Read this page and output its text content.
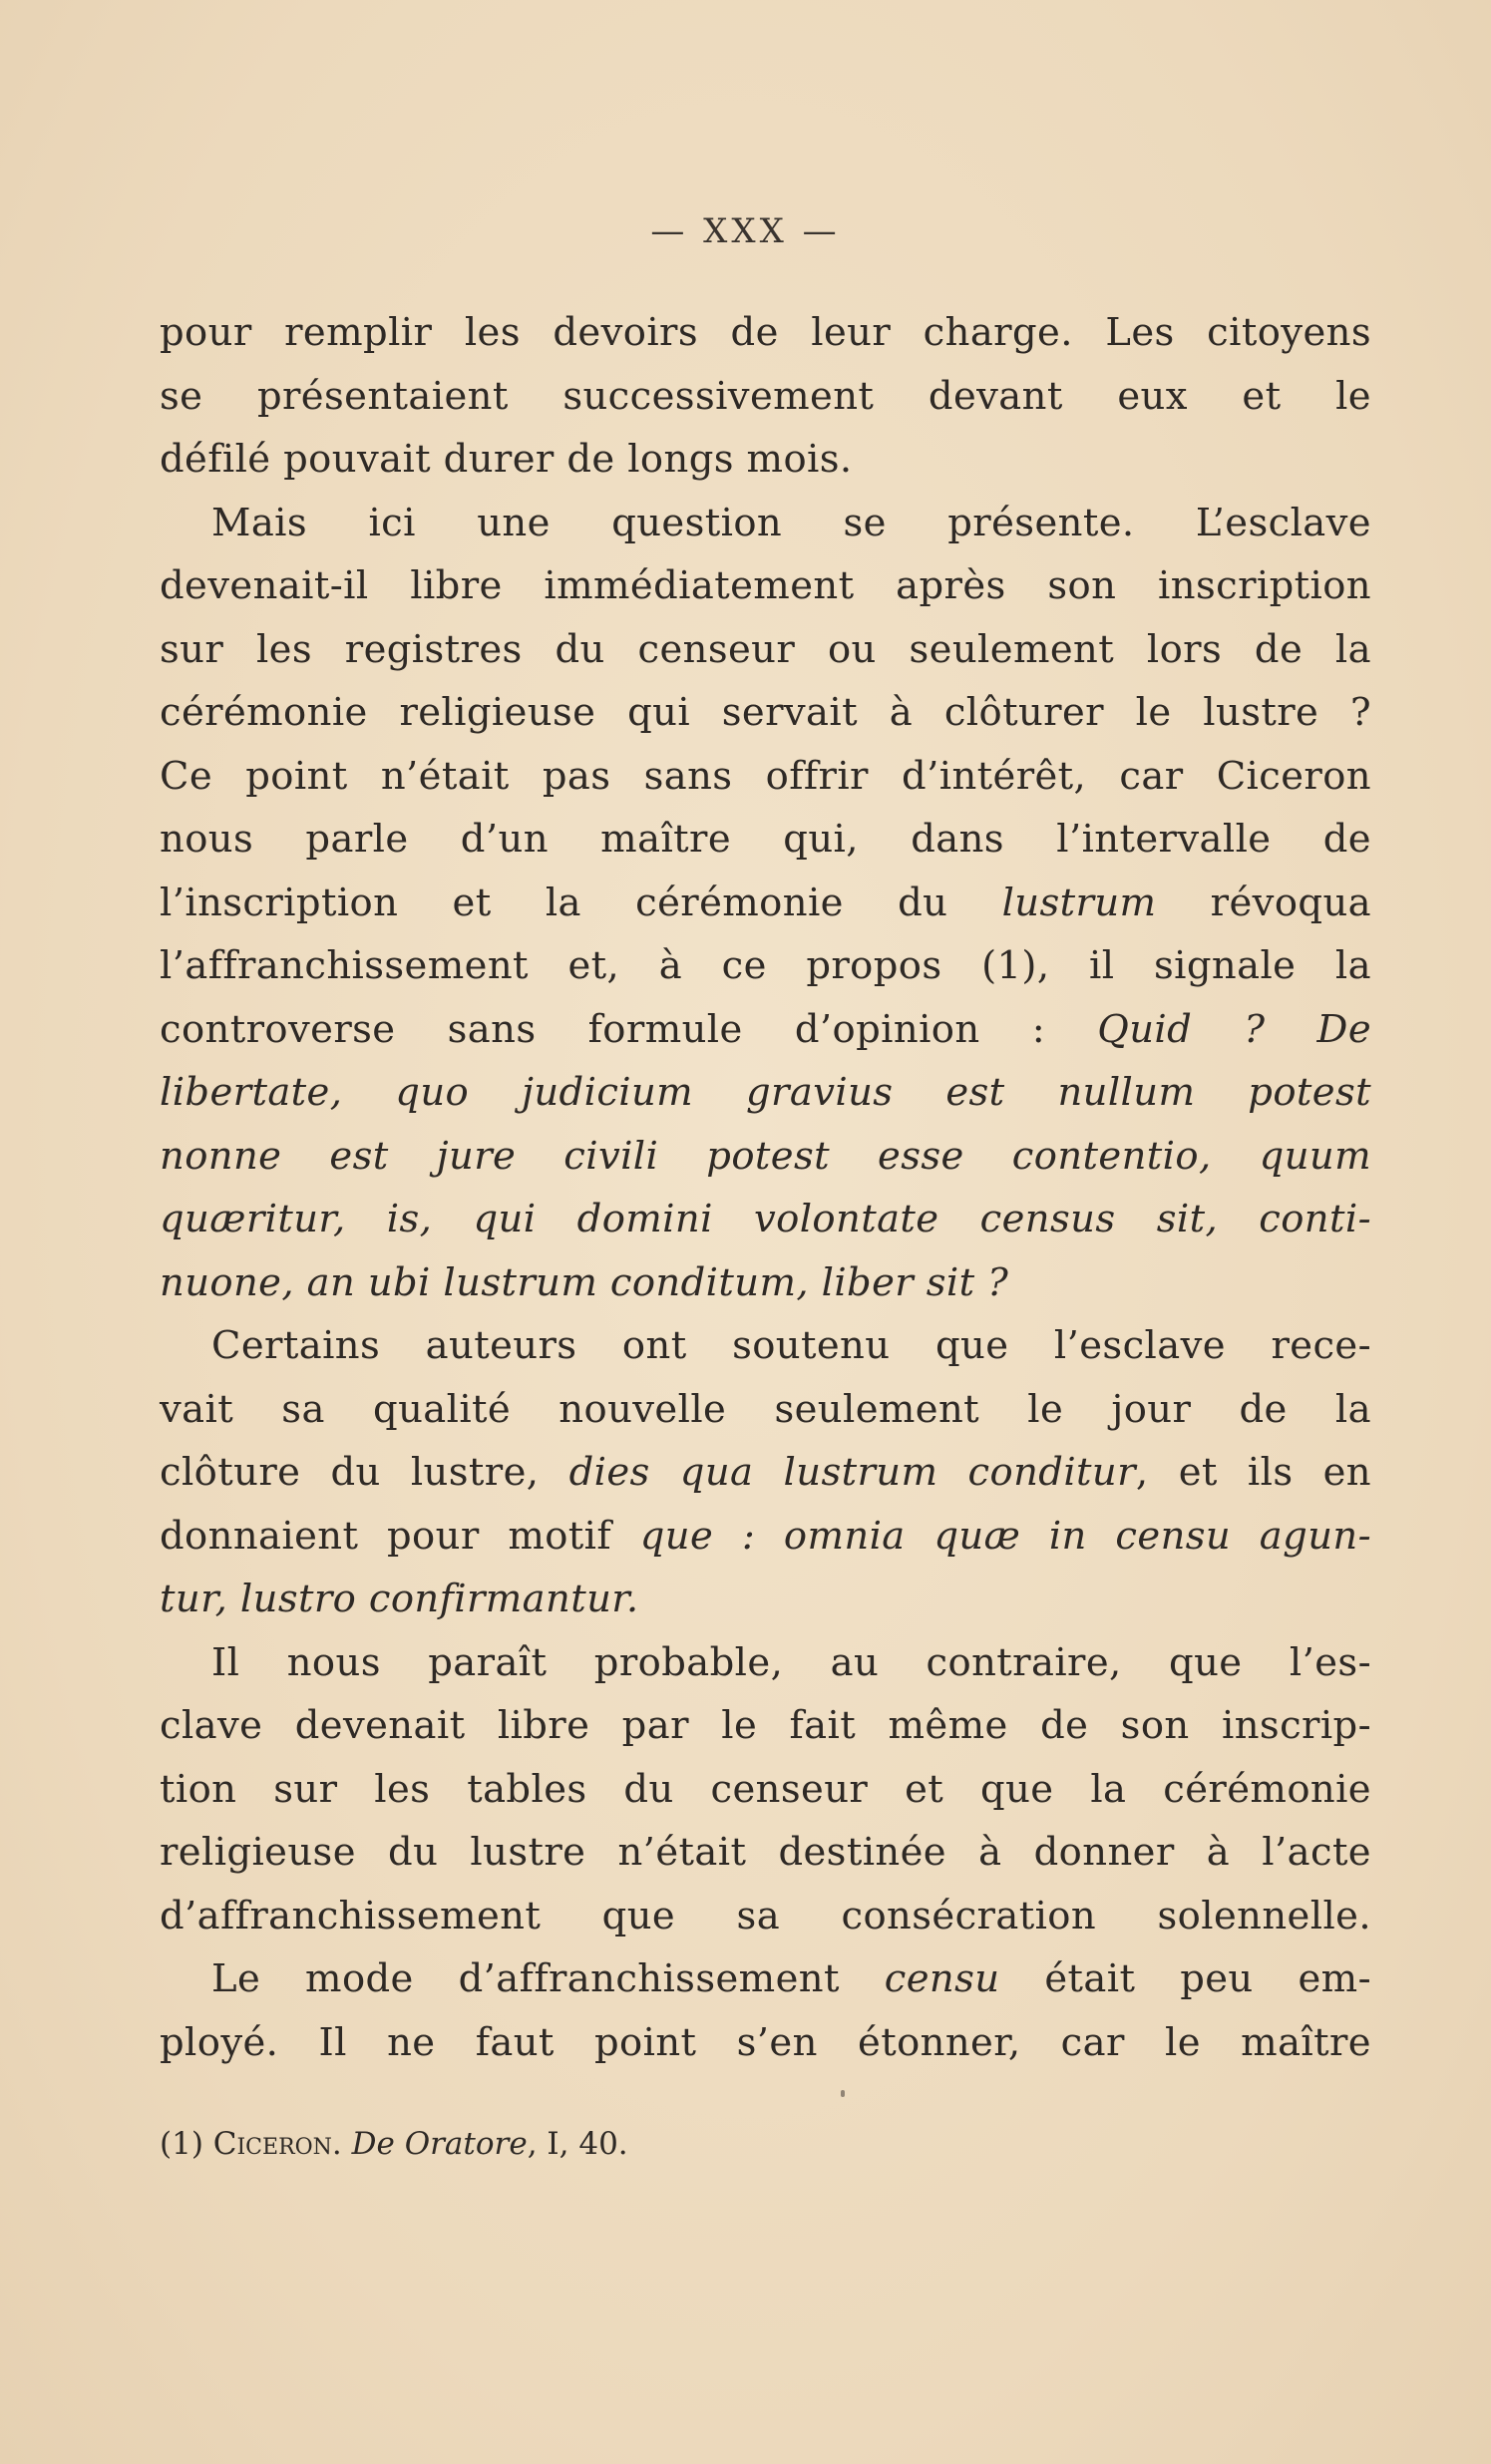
— XXX —
pour remplir les devoirs de leur charge. Les citoyens
se présentaient successivement devant eux et le
défilé pouvait durer de longs mois.
Mais ici une question se présente. L’esclave
devenait-il libre immédiatement après son inscription
sur les registres du censeur ou seulement lors de la
cérémonie religieuse qui servait à clôturer le lustre ?
Ce point n’était pas sans offrir d’intérêt, car Ciceron
nous parle d’un maître qui, dans l’intervalle de
l’inscription et la cérémonie du lustrum révoqua
l’affranchissement et, à ce propos (1), il signale la
controverse sans formule d’opinion : Quid ? De
libertate, quo judicium gravius est nullum potest
nonne est jure civili potest esse contentio, quum
quæritur, is, qui domini volontate census sit, conti-
nuone, an ubi lustrum conditum, liber sit ?
Certains auteurs ont soutenu que l’esclave rece-
vait sa qualité nouvelle seulement le jour de la
clôture du lustre, dies qua lustrum conditur, et ils en
donnaient pour motif que : omnia quæ in censu agun-
tur, lustro confirmantur.
Il nous paraît probable, au contraire, que l’es-
clave devenait libre par le fait même de son inscrip-
tion sur les tables du censeur et que la cérémonie
religieuse du lustre n’était destinée à donner à l’acte
d’affranchissement que sa consécration solennelle.
Le mode d’affranchissement censu était peu em-
ployé. Il ne faut point s’en étonner, car le maître
(1) Ciceron. De Oratore, I, 40.
